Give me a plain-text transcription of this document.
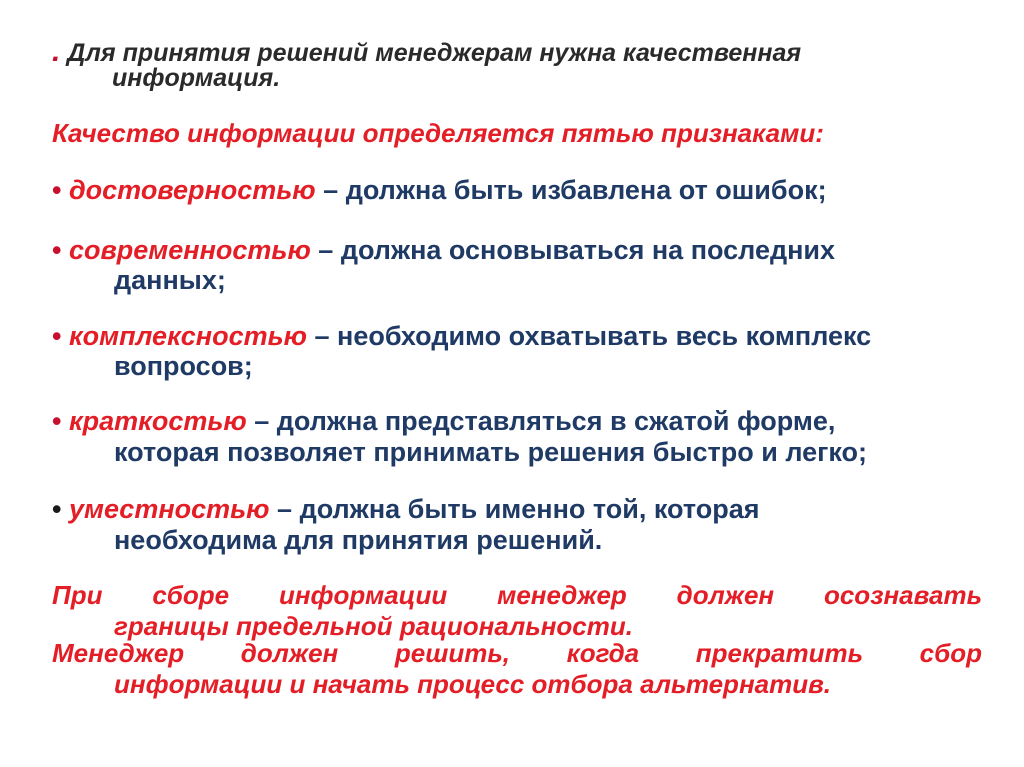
. Для принятия решений менеджерам нужна качественная
информация.
Качество информации определяется пятью признаками:
• достоверностью – должна быть избавлена от ошибок;
• современностью – должна основываться на последних
данных;
• комплексностью – необходимо охватывать весь комплекс
вопросов;
• краткостью – должна представляться в сжатой форме,
которая позволяет принимать решения быстро и легко;
• уместностью – должна быть именно той, которая
необходима для принятия решений.
При сборе информации менеджер должен осознавать
границы предельной рациональности.
Менеджер должен решить, когда прекратить сбор
информации и начать процесс отбора альтернатив.
